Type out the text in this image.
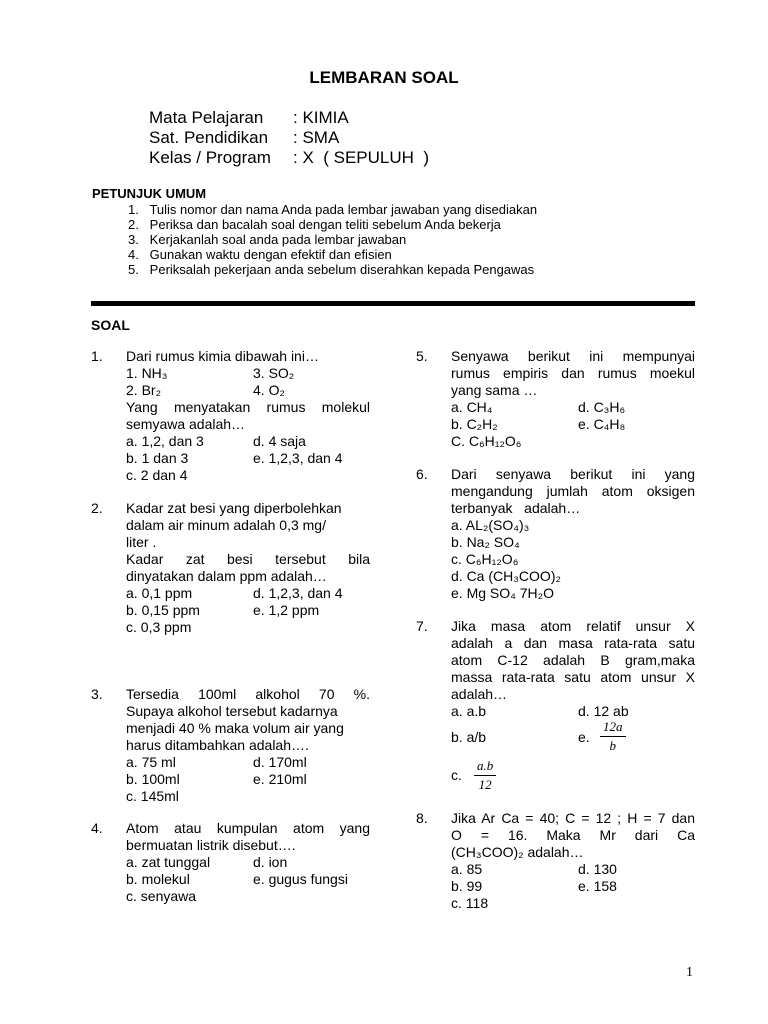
LEMBARAN SOAL
Mata Pelajaran : KIMIA
Sat. Pendidikan : SMA
Kelas / Program : X  ( SEPULUH  )
PETUNJUK UMUM
1.   Tulis nomor dan nama Anda pada lembar jawaban yang disediakan
2.   Periksa dan bacalah soal dengan teliti sebelum Anda bekerja
3.   Kerjakanlah soal anda pada lembar jawaban
4.   Gunakan waktu dengan efektif dan efisien
5.   Periksalah pekerjaan anda sebelum diserahkan kepada Pengawas
SOAL
1. Dari rumus kimia dibawah ini…
1. NH₃	3. SO₂
2. Br₂	4. O₂
Yang menyatakan rumus molekul
semyawa adalah…
a. 1,2, dan 3	d. 4 saja
b. 1 dan 3	e. 1,2,3, dan 4
c. 2 dan 4
2. Kadar zat besi yang diperbolehkan
dalam air minum adalah 0,3 mg/
liter .
Kadar zat besi tersebut bila
dinyatakan dalam ppm adalah…
a. 0,1 ppm	d. 1,2,3, dan 4
b. 0,15 ppm	e. 1,2 ppm
c. 0,3 ppm
3. Tersedia 100ml alkohol 70 %.
Supaya alkohol tersebut kadarnya
menjadi 40 % maka volum air yang
harus ditambahkan adalah….
a. 75 ml	d. 170ml
b. 100ml	e. 210ml
c. 145ml
4. Atom atau kumpulan atom yang
bermuatan listrik disebut….
a. zat tunggal	d. ion
b. molekul	e. gugus fungsi
c. senyawa
5. Senyawa berikut ini mempunyai
rumus empiris dan rumus moekul
yang sama …
a. CH₄	d. C₃H₆
b. C₂H₂	e. C₄H₈
C. C₆H₁₂O₆
6. Dari senyawa berikut ini yang
mengandung jumlah atom oksigen
terbanyak   adalah…
a. AL₂(SO₄)₃
b. Na₂ SO₄
c. C₆H₁₂O₆
d. Ca (CH₃COO)₂
e. Mg SO₄ 7H₂O
7. Jika masa atom relatif unsur X
adalah a dan masa rata-rata satu
atom C-12 adalah B gram,maka
massa rata-rata satu atom unsur X
adalah…
a. a.b	d. 12 ab
b. a/b	e. $\frac{12a}{b}$
c. $\frac{a.b}{12}$
8. Jika Ar Ca = 40; C = 12 ; H = 7 dan
O = 16. Maka Mr dari Ca
(CH₃COO)₂ adalah…
a. 85	d. 130
b. 99	e. 158
c. 118
1
